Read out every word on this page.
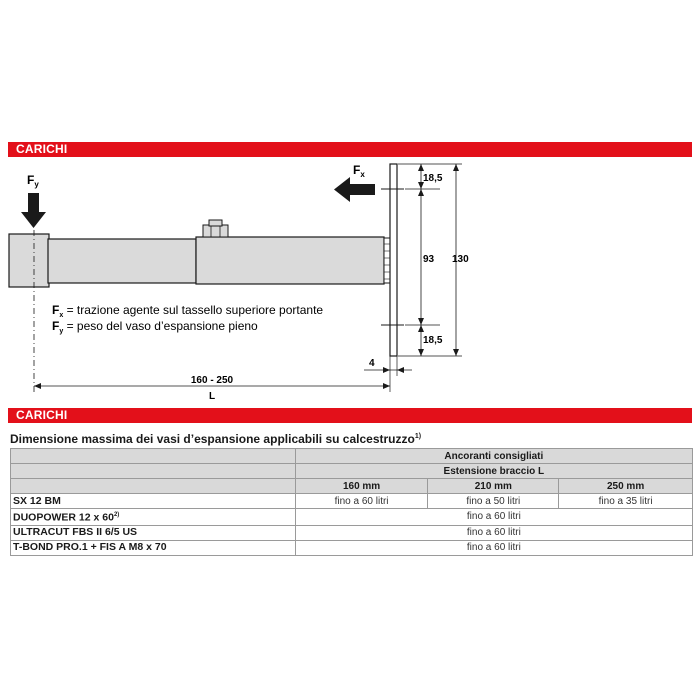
CARICHI
$F_y$
$F_x$	18,5
93
18,5
130
4
160 - 250
L
$F_x$ = trazione agente sul tassello superiore portante
$F_y$ = peso del vaso d’espansione pieno
CARICHI
Dimensione massima dei vasi d’espansione applicabili su calcestruzzo$^{1)}$
	Ancoranti consigliati		
	Estensione braccio L		
	160 mm	210 mm	250 mm
SX 12 BM	fino a 60 litri	fino a 50 litri	fino a 35 litri
DUOPOWER 12 x 60$^{2)}$	fino a 60 litri		
ULTRACUT FBS II 6/5 US	fino a 60 litri		
T-BOND PRO.1 + FIS A M8 x 70	fino a 60 litri		
